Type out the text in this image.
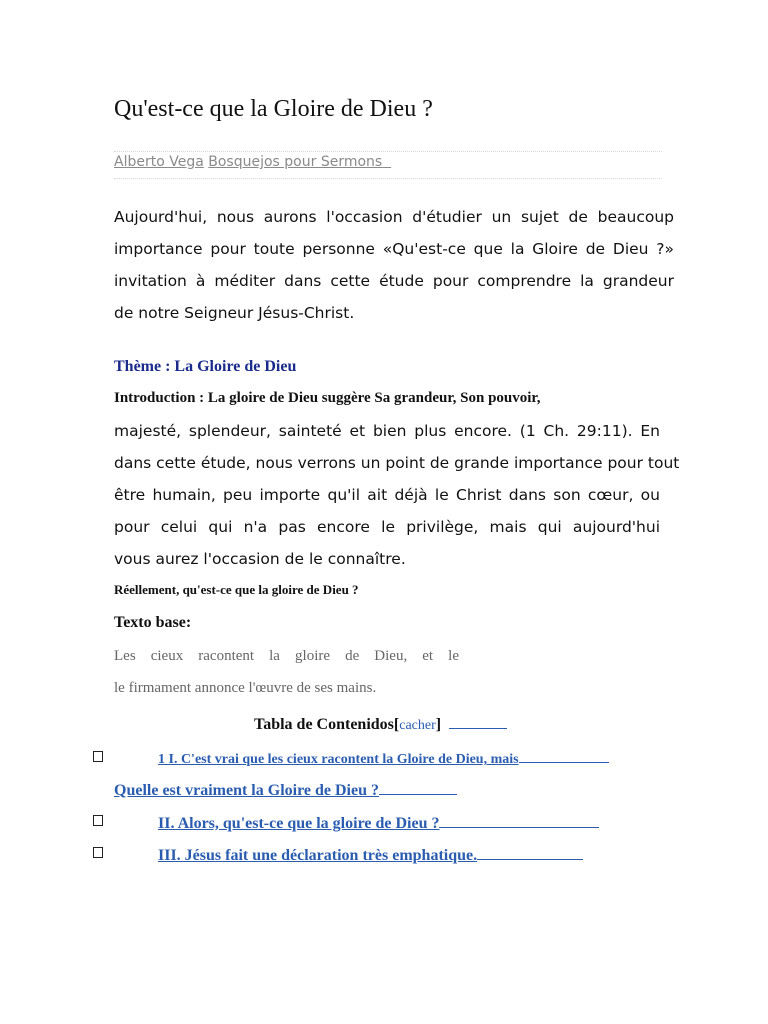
Qu'est-ce que la Gloire de Dieu ?
Alberto Vega Bosquejos pour Sermons
Aujourd'hui, nous aurons l'occasion d'étudier un sujet de beaucoup
importance pour toute personne «Qu'est-ce que la Gloire de Dieu ?»
invitation à méditer dans cette étude pour comprendre la grandeur
de notre Seigneur Jésus-Christ.
Thème : La Gloire de Dieu
Introduction : La gloire de Dieu suggère Sa grandeur, Son pouvoir,
majesté, splendeur, sainteté et bien plus encore. (1 Ch. 29:11). En
dans cette étude, nous verrons un point de grande importance pour tout
être humain, peu importe qu'il ait déjà le Christ dans son cœur, ou
pour celui qui n'a pas encore le privilège, mais qui aujourd'hui
vous aurez l'occasion de le connaître.
Réellement, qu'est-ce que la gloire de Dieu ?
Texto base:
Les cieux racontent la gloire de Dieu, et le
le firmament annonce l'œuvre de ses mains.
Tabla de Contenidos[cacher]
1 I. C'est vrai que les cieux racontent la Gloire de Dieu, mais
Quelle est vraiment la Gloire de Dieu ?
II. Alors, qu'est-ce que la gloire de Dieu ?
III. Jésus fait une déclaration très emphatique.
